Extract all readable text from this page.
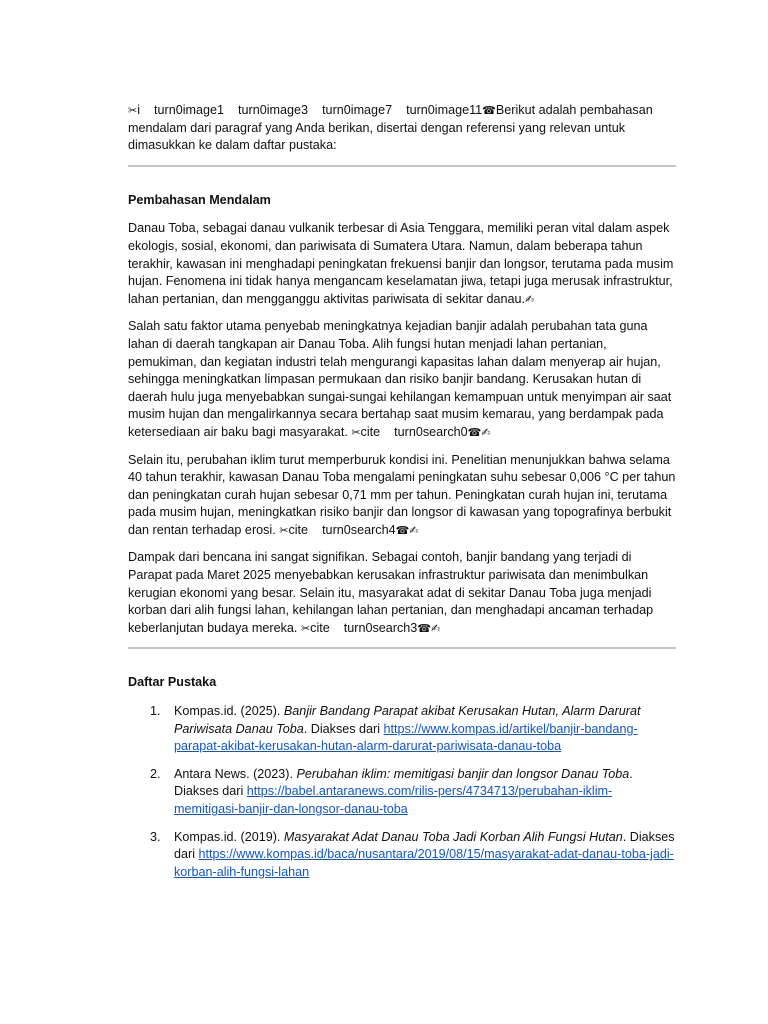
✂i turn0image1 turn0image3 turn0image7 turn0image11☎Berikut adalah pembahasan mendalam dari paragraf yang Anda berikan, disertai dengan referensi yang relevan untuk dimasukkan ke dalam daftar pustaka:

Pembahasan Mendalam

Danau Toba, sebagai danau vulkanik terbesar di Asia Tenggara, memiliki peran vital dalam aspek ekologis, sosial, ekonomi, dan pariwisata di Sumatera Utara. Namun, dalam beberapa tahun terakhir, kawasan ini menghadapi peningkatan frekuensi banjir dan longsor, terutama pada musim hujan. Fenomena ini tidak hanya mengancam keselamatan jiwa, tetapi juga merusak infrastruktur, lahan pertanian, dan mengganggu aktivitas pariwisata di sekitar danau.✍

Salah satu faktor utama penyebab meningkatnya kejadian banjir adalah perubahan tata guna lahan di daerah tangkapan air Danau Toba. Alih fungsi hutan menjadi lahan pertanian, pemukiman, dan kegiatan industri telah mengurangi kapasitas lahan dalam menyerap air hujan, sehingga meningkatkan limpasan permukaan dan risiko banjir bandang. Kerusakan hutan di daerah hulu juga menyebabkan sungai-sungai kehilangan kemampuan untuk menyimpan air saat musim hujan dan mengalirkannya secara bertahap saat musim kemarau, yang berdampak pada ketersediaan air baku bagi masyarakat. ✂cite turn0search0☎✍

Selain itu, perubahan iklim turut memperburuk kondisi ini. Penelitian menunjukkan bahwa selama 40 tahun terakhir, kawasan Danau Toba mengalami peningkatan suhu sebesar 0,006 °C per tahun dan peningkatan curah hujan sebesar 0,71 mm per tahun. Peningkatan curah hujan ini, terutama pada musim hujan, meningkatkan risiko banjir dan longsor di kawasan yang topografinya berbukit dan rentan terhadap erosi. ✂cite turn0search4☎✍

Dampak dari bencana ini sangat signifikan. Sebagai contoh, banjir bandang yang terjadi di Parapat pada Maret 2025 menyebabkan kerusakan infrastruktur pariwisata dan menimbulkan kerugian ekonomi yang besar. Selain itu, masyarakat adat di sekitar Danau Toba juga menjadi korban dari alih fungsi lahan, kehilangan lahan pertanian, dan menghadapi ancaman terhadap keberlanjutan budaya mereka. ✂cite turn0search3☎✍

Daftar Pustaka

1. Kompas.id. (2025). Banjir Bandang Parapat akibat Kerusakan Hutan, Alarm Darurat Pariwisata Danau Toba. Diakses dari https://www.kompas.id/artikel/banjir-bandang-parapat-akibat-kerusakan-hutan-alarm-darurat-pariwisata-danau-toba
2. Antara News. (2023). Perubahan iklim: memitigasi banjir dan longsor Danau Toba. Diakses dari https://babel.antaranews.com/rilis-pers/4734713/perubahan-iklim-memitigasi-banjir-dan-longsor-danau-toba
3. Kompas.id. (2019). Masyarakat Adat Danau Toba Jadi Korban Alih Fungsi Hutan. Diakses dari https://www.kompas.id/baca/nusantara/2019/08/15/masyarakat-adat-danau-toba-jadi-korban-alih-fungsi-lahan
